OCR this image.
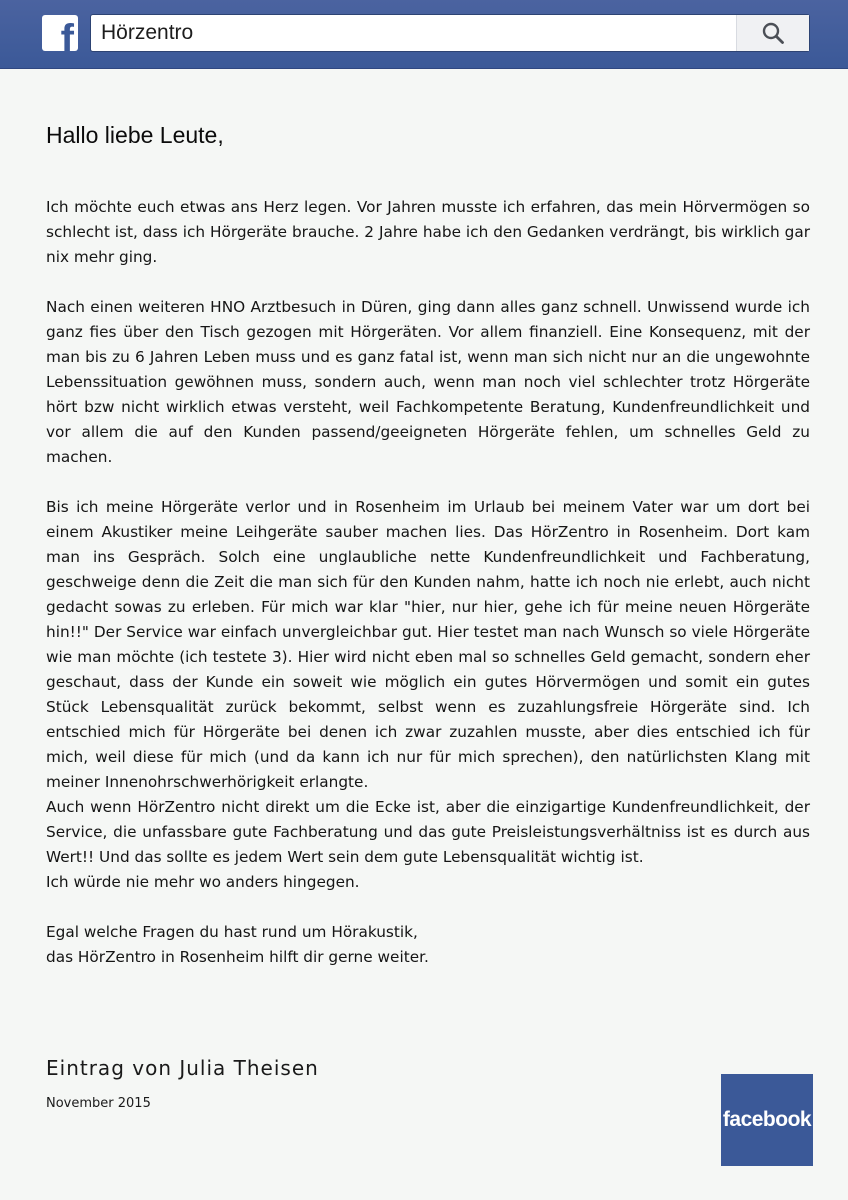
f
Hörzentro
Hallo liebe Leute,

Ich möchte euch etwas ans Herz legen. Vor Jahren musste ich erfahren, das mein Hörvermögen so schlecht ist, dass ich Hörgeräte brauche. 2 Jahre habe ich den Gedanken verdrängt, bis wirklich gar nix mehr ging.

Nach einen weiteren HNO Arztbesuch in Düren, ging dann alles ganz schnell. Unwissend wurde ich ganz fies über den Tisch gezogen mit Hörgeräten. Vor allem finanziell. Eine Konsequenz, mit der man bis zu 6 Jahren Leben muss und es ganz fatal ist, wenn man sich nicht nur an die ungewohnte Lebenssituation gewöhnen muss, sondern auch, wenn man noch viel schlechter trotz Hörgeräte hört bzw nicht wirklich etwas versteht, weil Fachkompetente Beratung, Kundenfreundlichkeit und vor allem die auf den Kunden passend/geeigneten Hörgeräte fehlen, um schnelles Geld zu machen.

Bis ich meine Hörgeräte verlor und in Rosenheim im Urlaub bei meinem Vater war um dort bei einem Akustiker meine Leihgeräte sauber machen lies. Das HörZentro in Rosenheim. Dort kam man ins Gespräch. Solch eine unglaubliche nette Kundenfreundlichkeit und Fachberatung, geschweige denn die Zeit die man sich für den Kunden nahm, hatte ich noch nie erlebt, auch nicht gedacht sowas zu erleben. Für mich war klar "hier, nur hier, gehe ich für meine neuen Hörgeräte hin!!" Der Service war einfach unvergleichbar gut. Hier testet man nach Wunsch so viele Hörgeräte wie man möchte (ich testete 3). Hier wird nicht eben mal so schnelles Geld gemacht, sondern eher geschaut, dass der Kunde ein soweit wie möglich ein gutes Hörvermögen und somit ein gutes Stück Lebensqualität zurück bekommt, selbst wenn es zuzahlungsfreie Hörgeräte sind. Ich entschied mich für Hörgeräte bei denen ich zwar zuzahlen musste, aber dies entschied ich für mich, weil diese für mich (und da kann ich nur für mich sprechen), den natürlichsten Klang mit meiner Innenohrschwerhörigkeit erlangte.
Auch wenn HörZentro nicht direkt um die Ecke ist, aber die einzigartige Kundenfreundlichkeit, der Service, die unfassbare gute Fachberatung und das gute Preisleistungsverhältniss ist es durch aus Wert!! Und das sollte es jedem Wert sein dem gute Lebensqualität wichtig ist.
Ich würde nie mehr wo anders hingegen.

Egal welche Fragen du hast rund um Hörakustik,
das HörZentro in Rosenheim hilft dir gerne weiter.

Eintrag von Julia Theisen
November 2015
facebook
